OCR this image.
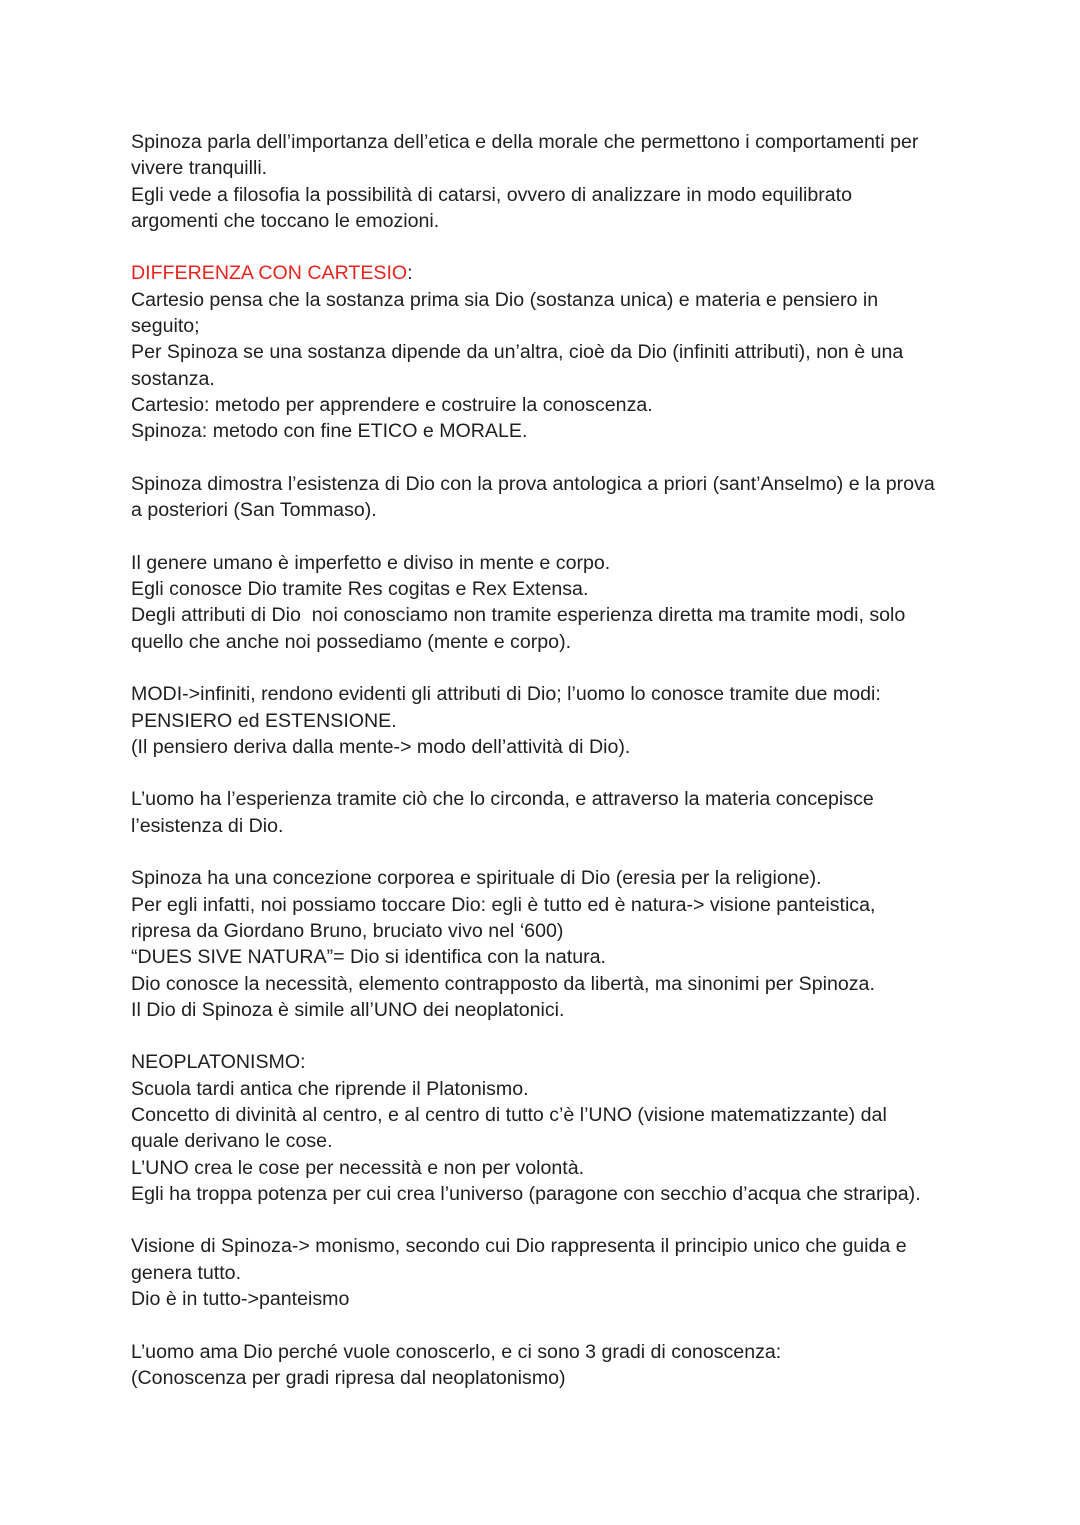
Spinoza parla dell’importanza dell’etica e della morale che permettono i comportamenti per
vivere tranquilli.
Egli vede a filosofia la possibilità di catarsi, ovvero di analizzare in modo equilibrato
argomenti che toccano le emozioni.
DIFFERENZA CON CARTESIO:
Cartesio pensa che la sostanza prima sia Dio (sostanza unica) e materia e pensiero in
seguito;
Per Spinoza se una sostanza dipende da un’altra, cioè da Dio (infiniti attributi), non è una
sostanza.
Cartesio: metodo per apprendere e costruire la conoscenza.
Spinoza: metodo con fine ETICO e MORALE.
Spinoza dimostra l’esistenza di Dio con la prova antologica a priori (sant’Anselmo) e la prova
a posteriori (San Tommaso).
Il genere umano è imperfetto e diviso in mente e corpo.
Egli conosce Dio tramite Res cogitas e Rex Extensa.
Degli attributi di Dio  noi conosciamo non tramite esperienza diretta ma tramite modi, solo
quello che anche noi possediamo (mente e corpo).
MODI->infiniti, rendono evidenti gli attributi di Dio; l’uomo lo conosce tramite due modi:
PENSIERO ed ESTENSIONE.
(Il pensiero deriva dalla mente-> modo dell’attività di Dio).
L’uomo ha l’esperienza tramite ciò che lo circonda, e attraverso la materia concepisce
l’esistenza di Dio.
Spinoza ha una concezione corporea e spirituale di Dio (eresia per la religione).
Per egli infatti, noi possiamo toccare Dio: egli è tutto ed è natura-> visione panteistica,
ripresa da Giordano Bruno, bruciato vivo nel ‘600)
“DUES SIVE NATURA”= Dio si identifica con la natura.
Dio conosce la necessità, elemento contrapposto da libertà, ma sinonimi per Spinoza.
Il Dio di Spinoza è simile all’UNO dei neoplatonici.
NEOPLATONISMO:
Scuola tardi antica che riprende il Platonismo.
Concetto di divinità al centro, e al centro di tutto c’è l’UNO (visione matematizzante) dal
quale derivano le cose.
L’UNO crea le cose per necessità e non per volontà.
Egli ha troppa potenza per cui crea l’universo (paragone con secchio d’acqua che straripa).
Visione di Spinoza-> monismo, secondo cui Dio rappresenta il principio unico che guida e
genera tutto.
Dio è in tutto->panteismo
L’uomo ama Dio perché vuole conoscerlo, e ci sono 3 gradi di conoscenza:
(Conoscenza per gradi ripresa dal neoplatonismo)
